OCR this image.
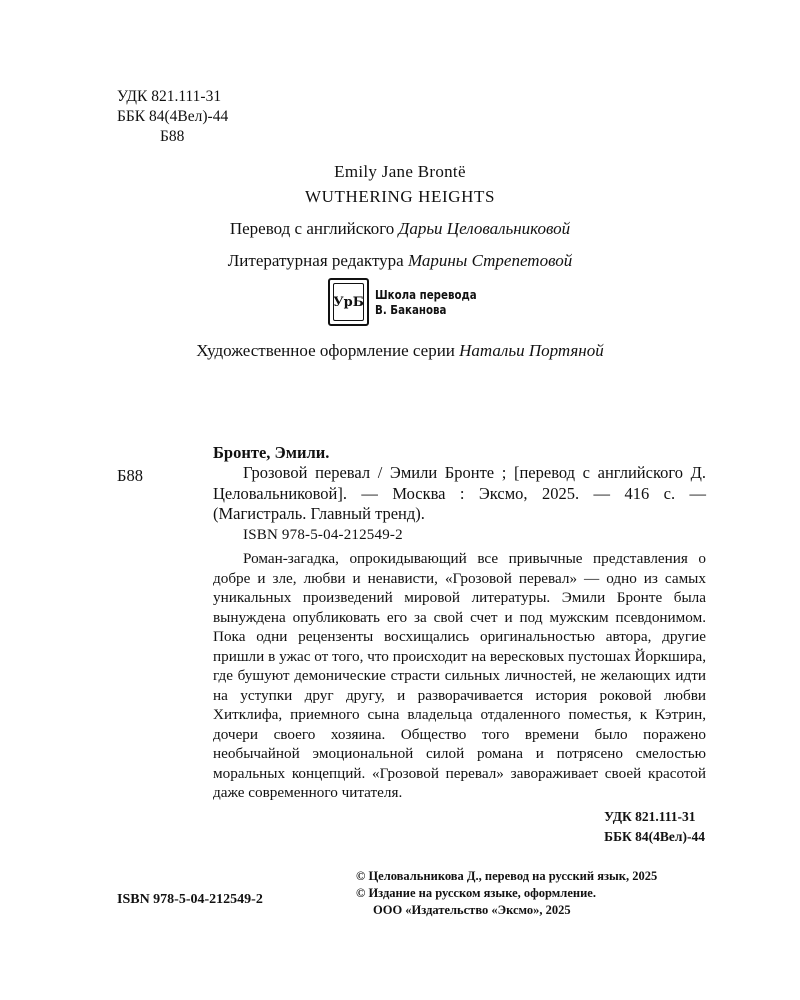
УДК 821.111-31
ББК 84(4Вел)-44
Б88
Emily Jane Brontë
WUTHERING HEIGHTS
Перевод с английского Дарьи Целовальниковой
Литературная редактура Марины Стрепетовой
УрБ Школа перевода
В. Баканова
Художественное оформление серии Натальи Портяной
Бронте, Эмили.
Б88	Грозовой перевал / Эмили Бронте ; [перевод с английского Д. Целовальниковой]. — Москва : Эксмо, 2025. — 416 с. — (Магистраль. Главный тренд).

ISBN 978-5-04-212549-2

Роман-загадка, опрокидывающий все привычные представления о добре и зле, любви и ненависти, «Грозовой перевал» — одно из самых уникальных произведений мировой литературы. Эмили Бронте была вынуждена опубликовать его за свой счет и под мужским псевдонимом. Пока одни рецензенты восхищались оригинальностью автора, другие пришли в ужас от того, что происходит на вересковых пустошах Йоркшира, где бушуют демонические страсти сильных личностей, не желающих идти на уступки друг другу, и разворачивается история роковой любви Хитклифа, приемного сына владельца отдаленного поместья, к Кэтрин, дочери своего хозяина. Общество того времени было поражено необычайной эмоциональной силой романа и потрясено смелостью моральных концепций. «Грозовой перевал» завораживает своей красотой даже современного читателя.

УДК 821.111-31
ББК 84(4Вел)-44
ISBN 978-5-04-212549-2
© Целовальникова Д., перевод на русский язык, 2025
© Издание на русском языке, оформление.
ООО «Издательство «Эксмо», 2025
